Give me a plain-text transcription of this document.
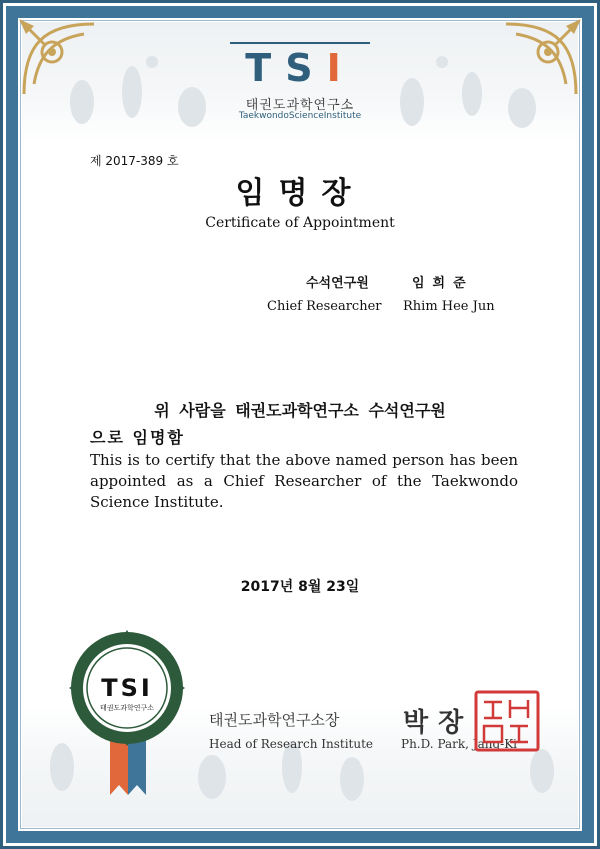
TSI
태권도과학연구소
TaekwondoScienceInstitute
제 2017-389 호
임명장
Certificate of Appointment
수석연구원	임희준
Chief Researcher Rhim Hee Jun
위 사람을 태권도과학연구소 수석연구원
으로 임명함
This is to certify that the above named person has been appointed as a Chief Researcher of the Taekwondo Science Institute.
2017년 8월 23일
TSI
태권도과학연구소
태권도과학연구소장
Head of Research Institute
박장
Ph.D. Park, Jang-Ki
